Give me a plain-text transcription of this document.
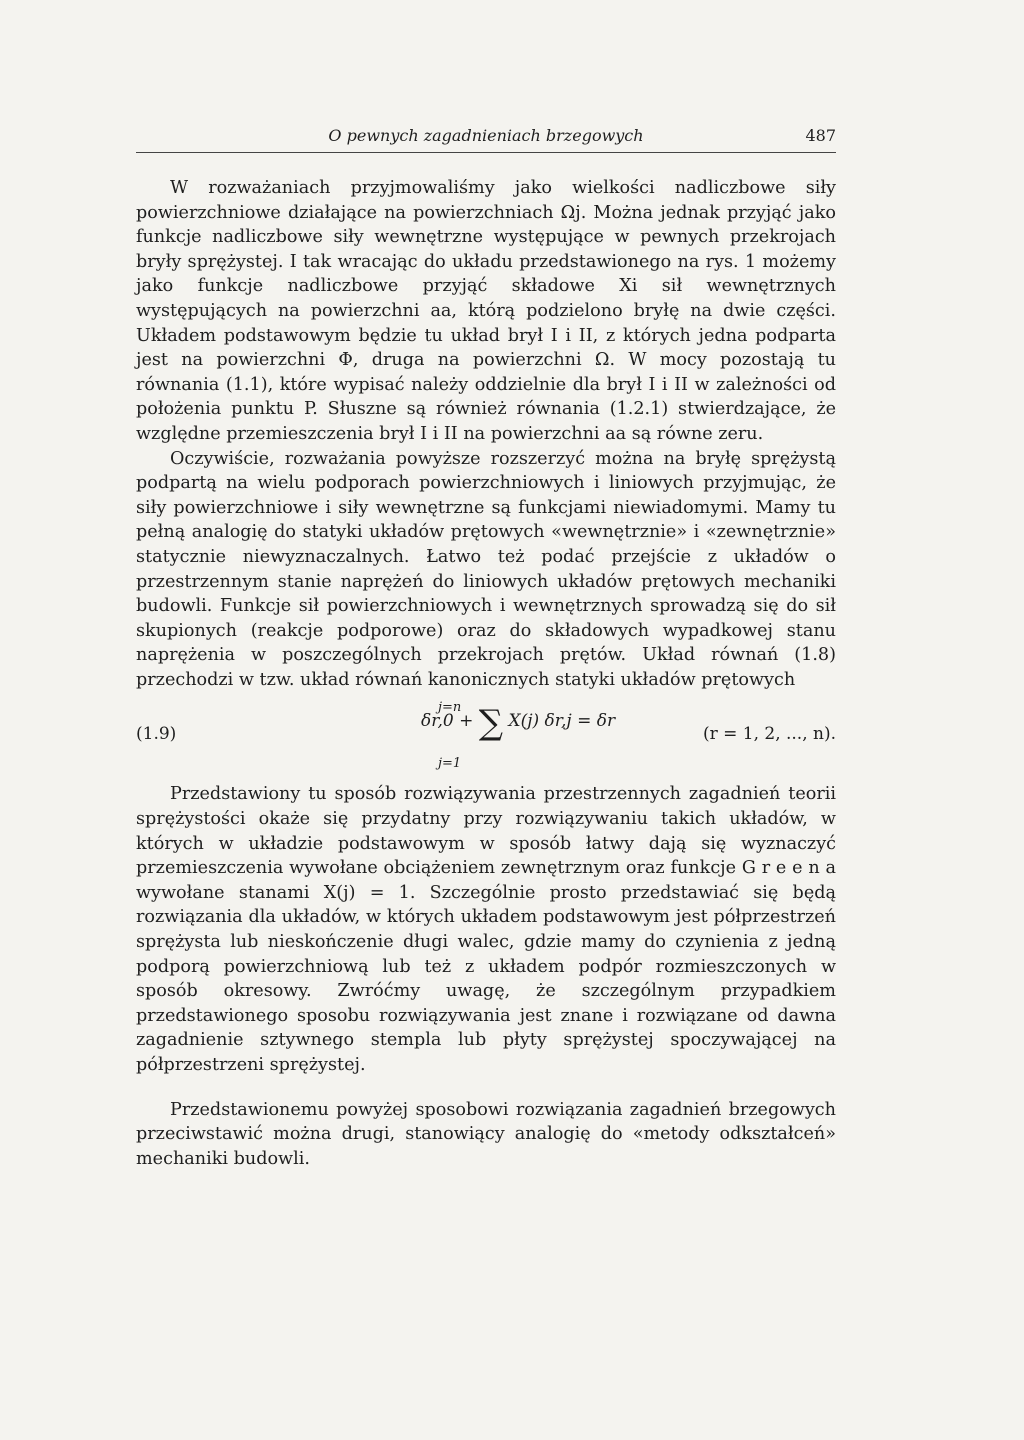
O pewnych zagadnieniach brzegowych	487

W rozważaniach przyjmowaliśmy jako wielkości nadliczbowe siły powierzchniowe działające na powierzchniach Ωj. Można jednak przyjąć jako funkcje nadliczbowe siły wewnętrzne występujące w pewnych przekrojach bryły sprężystej. I tak wracając do układu przedstawionego na rys. 1 możemy jako funkcje nadliczbowe przyjąć składowe Xi sił wewnętrznych występujących na powierzchni aa, którą podzielono bryłę na dwie części. Układem podstawowym będzie tu układ brył I i II, z których jedna podparta jest na powierzchni Φ, druga na powierzchni Ω. W mocy pozostają tu równania (1.1), które wypisać należy oddzielnie dla brył I i II w zależności od położenia punktu P. Słuszne są również równania (1.2.1) stwierdzające, że względne przemieszczenia brył I i II na powierzchni aa są równe zeru.

Oczywiście, rozważania powyższe rozszerzyć można na bryłę sprężystą podpartą na wielu podporach powierzchniowych i liniowych przyjmując, że siły powierzchniowe i siły wewnętrzne są funkcjami niewiadomymi. Mamy tu pełną analogię do statyki układów prętowych «wewnętrznie» i «zewnętrznie» statycznie niewyznaczalnych. Łatwo też podać przejście z układów o przestrzennym stanie naprężeń do liniowych układów prętowych mechaniki budowli. Funkcje sił powierzchniowych i wewnętrznych sprowadzą się do sił skupionych (reakcje podporowe) oraz do składowych wypadkowej stanu naprężenia w poszczególnych przekrojach prętów. Układ równań (1.8) przechodzi w tzw. układ równań kanonicznych statyki układów prętowych

(1.9)
j=n
δr,0 + ∑ X(j) δr,j = δr
j=1
(r = 1, 2, ..., n).

Przedstawiony tu sposób rozwiązywania przestrzennych zagadnień teorii sprężystości okaże się przydatny przy rozwiązywaniu takich układów, w których w układzie podstawowym w sposób łatwy dają się wyznaczyć przemieszczenia wywołane obciążeniem zewnętrznym oraz funkcje G r e e n a wywołane stanami X(j) = 1. Szczególnie prosto przedstawiać się będą rozwiązania dla układów, w których układem podstawowym jest półprzestrzeń sprężysta lub nieskończenie długi walec, gdzie mamy do czynienia z jedną podporą powierzchniową lub też z układem podpór rozmieszczonych w sposób okresowy. Zwróćmy uwagę, że szczególnym przypadkiem przedstawionego sposobu rozwiązywania jest znane i rozwiązane od dawna zagadnienie sztywnego stempla lub płyty sprężystej spoczywającej na półprzestrzeni sprężystej.

Przedstawionemu powyżej sposobowi rozwiązania zagadnień brzegowych przeciwstawić można drugi, stanowiący analogię do «metody odkształceń» mechaniki budowli.
